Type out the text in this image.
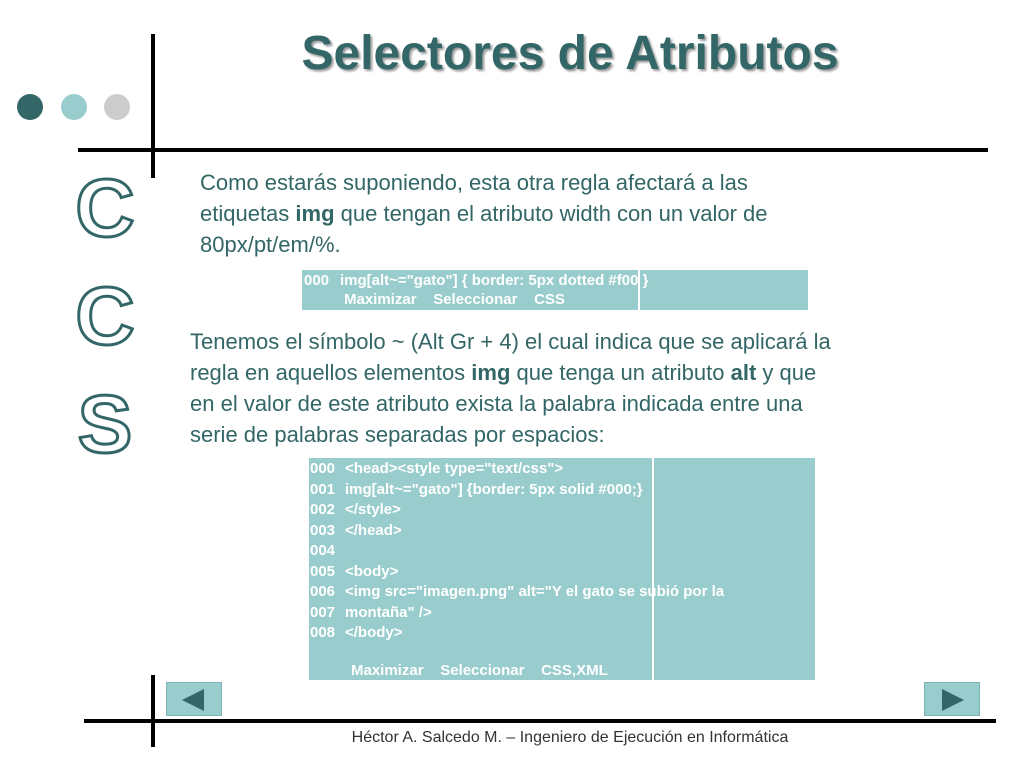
Selectores de Atributos
C
C
S
Como estarás suponiendo, esta otra regla afectará a las
etiquetas img que tengan el atributo width con un valor de
80px/pt/em/%.
000 img[alt~="gato"] { border: 5px dotted #f00 }
Maximizar    Seleccionar    CSS
Tenemos el símbolo ~ (Alt Gr + 4) el cual indica que se aplicará la
regla en aquellos elementos img que tenga un atributo alt y que
en el valor de este atributo exista la palabra indicada entre una
serie de palabras separadas por espacios:
000 <head><style type="text/css">
001 img[alt~="gato"] {border: 5px solid #000;}
002 </style>
003 </head>
004
005 <body>
006 <img src="imagen.png" alt="Y el gato se subió por la
007 montaña" />
008 </body>
Maximizar    Seleccionar    CSS,XML
Héctor A. Salcedo M. – Ingeniero de Ejecución en Informática
